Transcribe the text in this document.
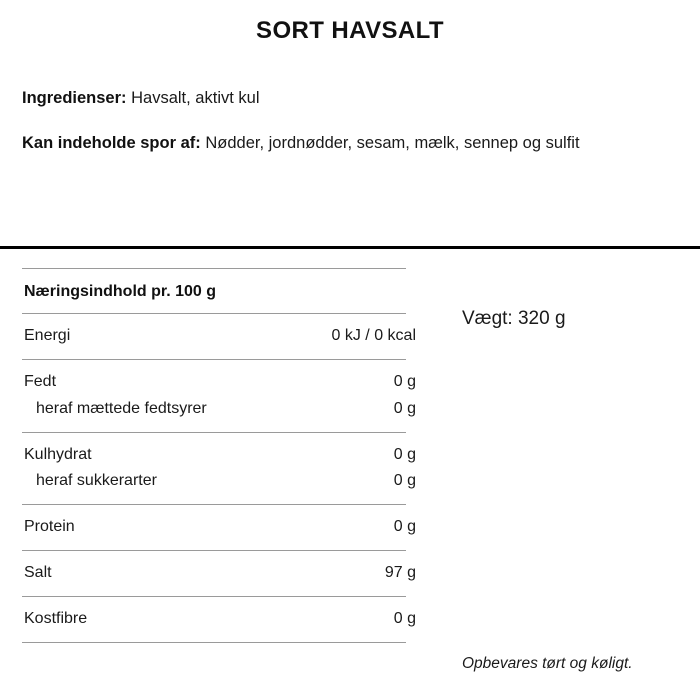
SORT HAVSALT

Ingredienser: Havsalt, aktivt kul

Kan indeholde spor af: Nødder, jordnødder, sesam, mælk, sennep og sulfit

Næringsindhold pr. 100 g
Energi	0 kJ / 0 kcal
Fedt	0 g
heraf mættede fedtsyrer	0 g
Kulhydrat	0 g
heraf sukkerarter	0 g
Protein	0 g
Salt	97 g
Kostfibre	0 g
Vægt: 320 g
Opbevares tørt og køligt.
